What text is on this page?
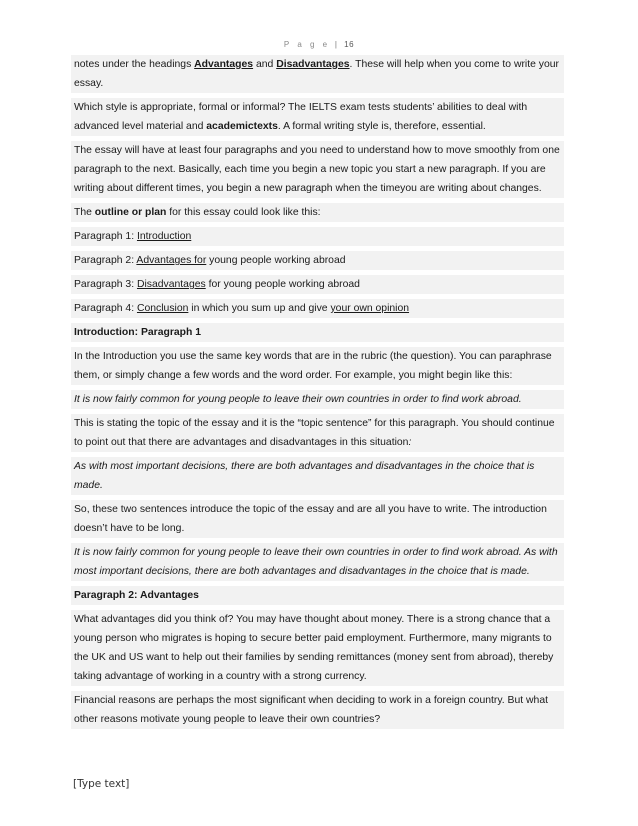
P a g e | 16
notes under the headings Advantages and Disadvantages. These will help when you come to write your essay.
Which style is appropriate, formal or informal? The IELTS exam tests students’ abilities to deal with advanced level material and academictexts. A formal writing style is, therefore, essential.
The essay will have at least four paragraphs and you need to understand how to move smoothly from one paragraph to the next. Basically, each time you begin a new topic you start a new paragraph. If you are writing about different times, you begin a new paragraph when the timeyou are writing about changes.
The outline or plan for this essay could look like this:
Paragraph 1: Introduction
Paragraph 2: Advantages for young people working abroad
Paragraph 3: Disadvantages for young people working abroad
Paragraph 4: Conclusion in which you sum up and give your own opinion
Introduction: Paragraph 1
In the Introduction you use the same key words that are in the rubric (the question). You can paraphrase them, or simply change a few words and the word order. For example, you might begin like this:
It is now fairly common for young people to leave their own countries in order to find work abroad.
This is stating the topic of the essay and it is the “topic sentence” for this paragraph. You should continue to point out that there are advantages and disadvantages in this situation:
As with most important decisions, there are both advantages and disadvantages in the choice that is made.
So, these two sentences introduce the topic of the essay and are all you have to write. The introduction doesn’t have to be long.
It is now fairly common for young people to leave their own countries in order to find work abroad. As with most important decisions, there are both advantages and disadvantages in the choice that is made.
Paragraph 2: Advantages
What advantages did you think of? You may have thought about money. There is a strong chance that a young person who migrates is hoping to secure better paid employment. Furthermore, many migrants to the UK and US want to help out their families by sending remittances (money sent from abroad), thereby taking advantage of working in a country with a strong currency.
Financial reasons are perhaps the most significant when deciding to work in a foreign country. But what other reasons motivate young people to leave their own countries?
[Type text]
